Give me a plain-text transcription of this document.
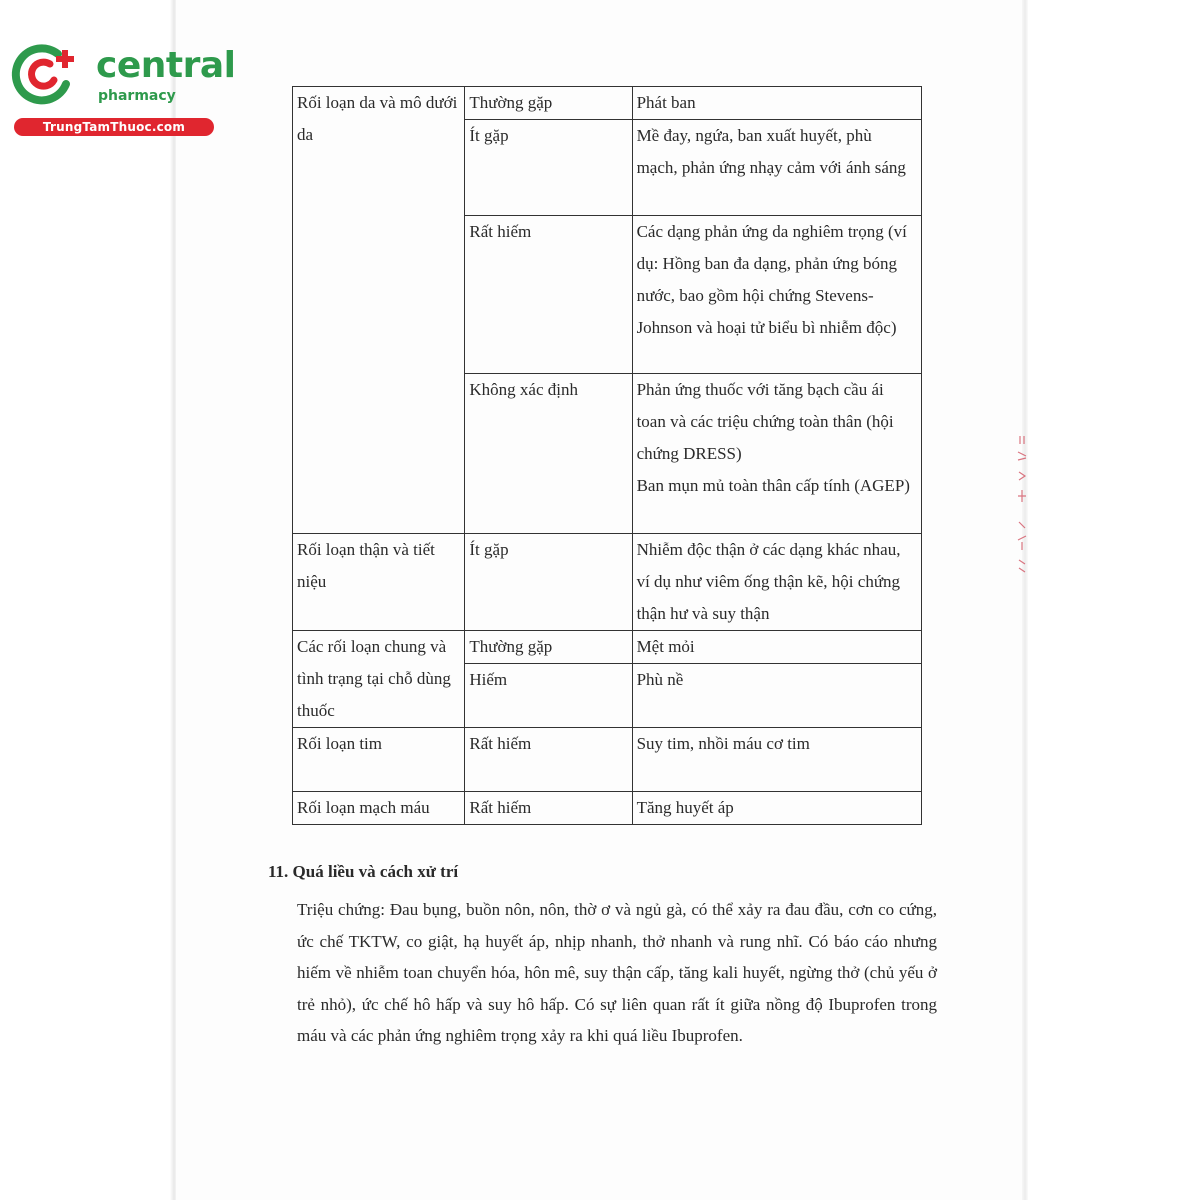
central
pharmacy
TrungTamThuoc.com
Rối loạn da và mô dưới da	Thường gặp	Phát ban
	Ít gặp	Mề đay, ngứa, ban xuất huyết, phù mạch, phản ứng nhạy cảm với ánh sáng
	Rất hiếm	Các dạng phản ứng da nghiêm trọng (ví dụ: Hồng ban đa dạng, phản ứng bóng nước, bao gồm hội chứng Stevens-Johnson và hoại tử biểu bì nhiễm độc)
	Không xác định	Phản ứng thuốc với tăng bạch cầu ái toan và các triệu chứng toàn thân (hội chứng DRESS)
Ban mụn mủ toàn thân cấp tính (AGEP)

Rối loạn thận và tiết niệu	Ít gặp	Nhiễm độc thận ở các dạng khác nhau, ví dụ như viêm ống thận kẽ, hội chứng thận hư và suy thận
Các rối loạn chung và tình trạng tại chỗ dùng thuốc	Thường gặp	Mệt mỏi
	Hiếm	Phù nề
Rối loạn tim	Rất hiếm	Suy tim, nhồi máu cơ tim
Rối loạn mạch máu	Rất hiếm	Tăng huyết áp
11. Quá liều và cách xử trí
Triệu chứng: Đau bụng, buồn nôn, nôn, thờ ơ và ngủ gà, có thể xảy ra đau đầu, cơn co cứng, ức chế TKTW, co giật, hạ huyết áp, nhịp nhanh, thở nhanh và rung nhĩ. Có báo cáo nhưng hiếm về nhiễm toan chuyển hóa, hôn mê, suy thận cấp, tăng kali huyết, ngừng thở (chủ yếu ở trẻ nhỏ), ức chế hô hấp và suy hô hấp. Có sự liên quan rất ít giữa nồng độ Ibuprofen trong máu và các phản ứng nghiêm trọng xảy ra khi quá liều Ibuprofen.
